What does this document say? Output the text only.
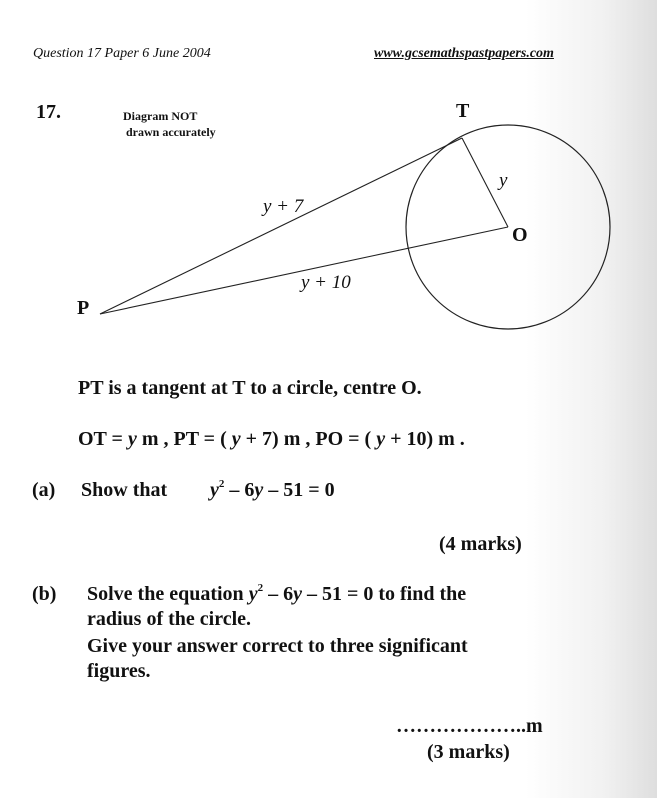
Question 17 Paper 6 June 2004	www.gcsemathspastpapers.com
17.	Diagram NOT
drawn accurately
T
O
P
y + 7
y
y + 10
PT is a tangent at T to a circle, centre O.
OT = y m , PT = ( y + 7) m , PO = ( y + 10) m .
(a) Show that $y^2 - 6y - 51 = 0$
(4 marks)
(b) Solve the equation $y^2 - 6y - 51 = 0$ to find the
radius of the circle.
Give your answer correct to three significant
figures.
………………..m
(3 marks)
